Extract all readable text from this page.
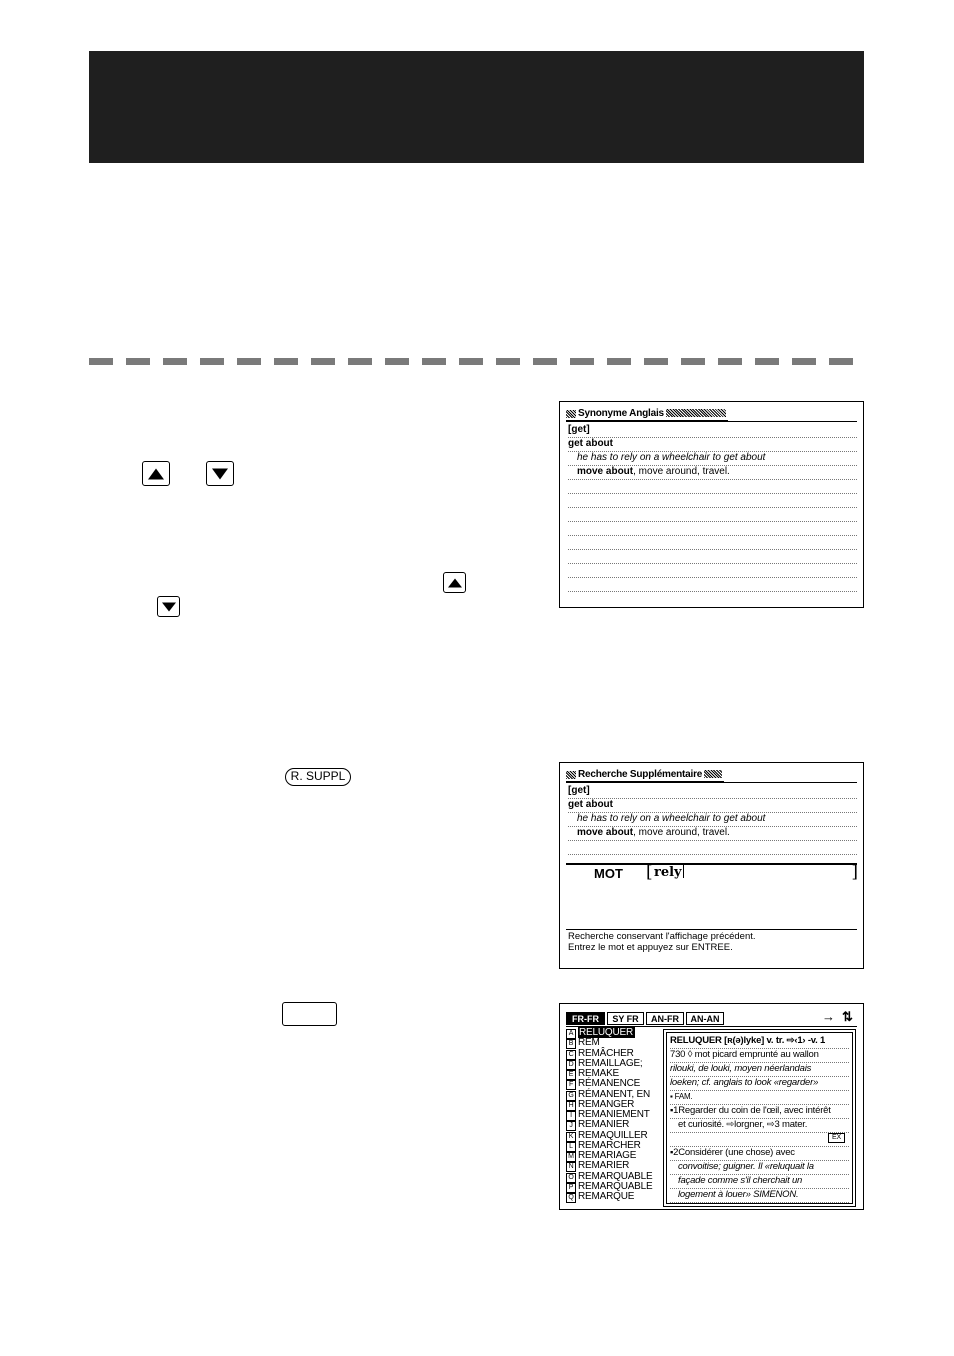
R. SUPPL
Synonyme Anglais
[get]
get about
he has to rely on a wheelchair to get about
move about, move around, travel.
Recherche Supplémentaire
[get]
get about
he has to rely on a wheelchair to get about
move about, move around, travel.
MOT [ rely	]
Recherche conservant l'affichage précédent.
Entrez le mot et appuyez sur ENTREE.
FR-FR	SY FR	AN-FR	AN-AN	→ ⇅
A RELUQUER
B REM
C REMÂCHER
D REMAILLAGE;
E REMAKE
F RÉMANENCE
G RÉMANENT, EN
H REMANGER
I REMANIEMENT
J REMANIER
K REMAQUILLER
L REMARCHER
M REMARIAGE
N REMARIER
O REMARQUABLE
P REMARQUABLE
Q REMARQUE
RELUQUER [ʀ(ə)lyke] v. tr. ⇨‹1› -v. 1
730 ◊ mot picard emprunté au wallon
rilouki, de louki, moyen néerlandais
loeken; cf. anglais to look «regarder»
▪ FAM.
▪1Regarder du coin de l'œil, avec intérêt
et curiosité. ⇨lorgner, ⇨3 mater.
EX
▪2Considérer (une chose) avec
convoitise; guigner. Il «reluquait la
façade comme s'il cherchait un
logement à louer» SIMENON.
